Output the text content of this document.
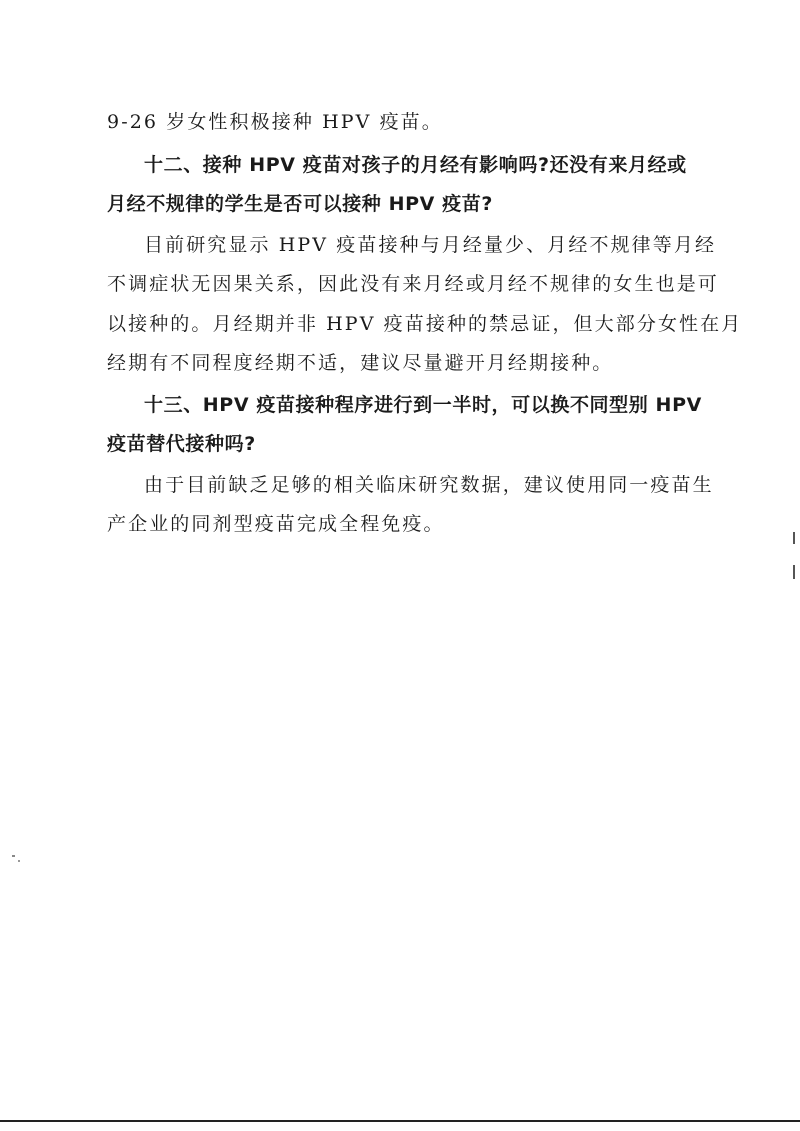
9-26 岁女性积极接种 HPV 疫苗。
十二、接种 HPV 疫苗对孩子的月经有影响吗?还没有来月经或
月经不规律的学生是否可以接种 HPV 疫苗?
目前研究显示 HPV 疫苗接种与月经量少、月经不规律等月经
不调症状无因果关系，因此没有来月经或月经不规律的女生也是可
以接种的。月经期并非 HPV 疫苗接种的禁忌证，但大部分女性在月
经期有不同程度经期不适，建议尽量避开月经期接种。
十三、HPV 疫苗接种程序进行到一半时，可以换不同型别 HPV
疫苗替代接种吗?
由于目前缺乏足够的相关临床研究数据，建议使用同一疫苗生
产企业的同剂型疫苗完成全程免疫。
